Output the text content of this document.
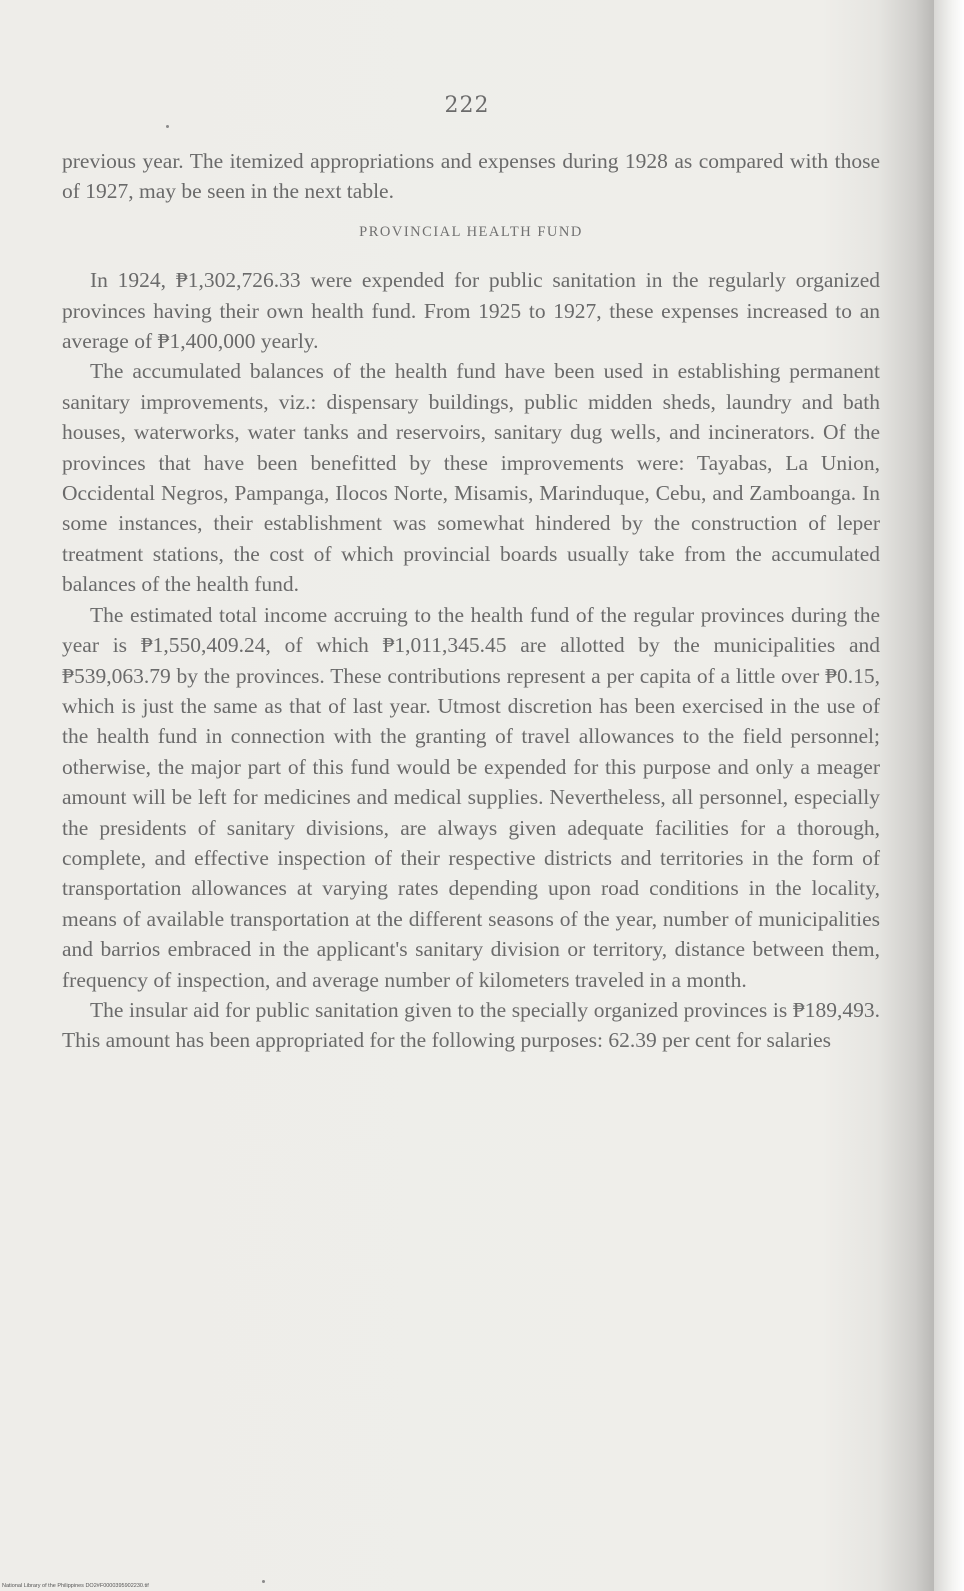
222

previous year. The itemized appropriations and expenses during 1928 as compared with those of 1927, may be seen in the next table.

PROVINCIAL HEALTH FUND

In 1924, ₱1,302,726.33 were expended for public sanitation in the regularly organized provinces having their own health fund. From 1925 to 1927, these expenses increased to an average of ₱1,400,000 yearly.

The accumulated balances of the health fund have been used in establishing permanent sanitary improvements, viz.: dispensary buildings, public midden sheds, laundry and bath houses, waterworks, water tanks and reservoirs, sanitary dug wells, and incinerators. Of the provinces that have been benefitted by these improvements were: Tayabas, La Union, Occidental Negros, Pampanga, Ilocos Norte, Misamis, Marinduque, Cebu, and Zamboanga. In some instances, their establishment was somewhat hindered by the construction of leper treatment stations, the cost of which provincial boards usually take from the accumulated balances of the health fund.

The estimated total income accruing to the health fund of the regular provinces during the year is ₱1,550,409.24, of which ₱1,011,345.45 are allotted by the municipalities and ₱539,063.79 by the provinces. These contributions represent a per capita of a little over ₱0.15, which is just the same as that of last year. Utmost discretion has been exercised in the use of the health fund in connection with the granting of travel allowances to the field personnel; otherwise, the major part of this fund would be expended for this purpose and only a meager amount will be left for medicines and medical supplies. Nevertheless, all personnel, especially the presidents of sanitary divisions, are always given adequate facilities for a thorough, complete, and effective inspection of their respective districts and territories in the form of transportation allowances at varying rates depending upon road conditions in the locality, means of available transportation at the different seasons of the year, number of municipalities and barrios embraced in the applicant's sanitary division or territory, distance between them, frequency of inspection, and average number of kilometers traveled in a month.

The insular aid for public sanitation given to the specially organized provinces is ₱189,493. This amount has been appropriated for the following purposes: 62.39 per cent for salaries

National Library of the Philippines DO2#F0000395902230.tif
